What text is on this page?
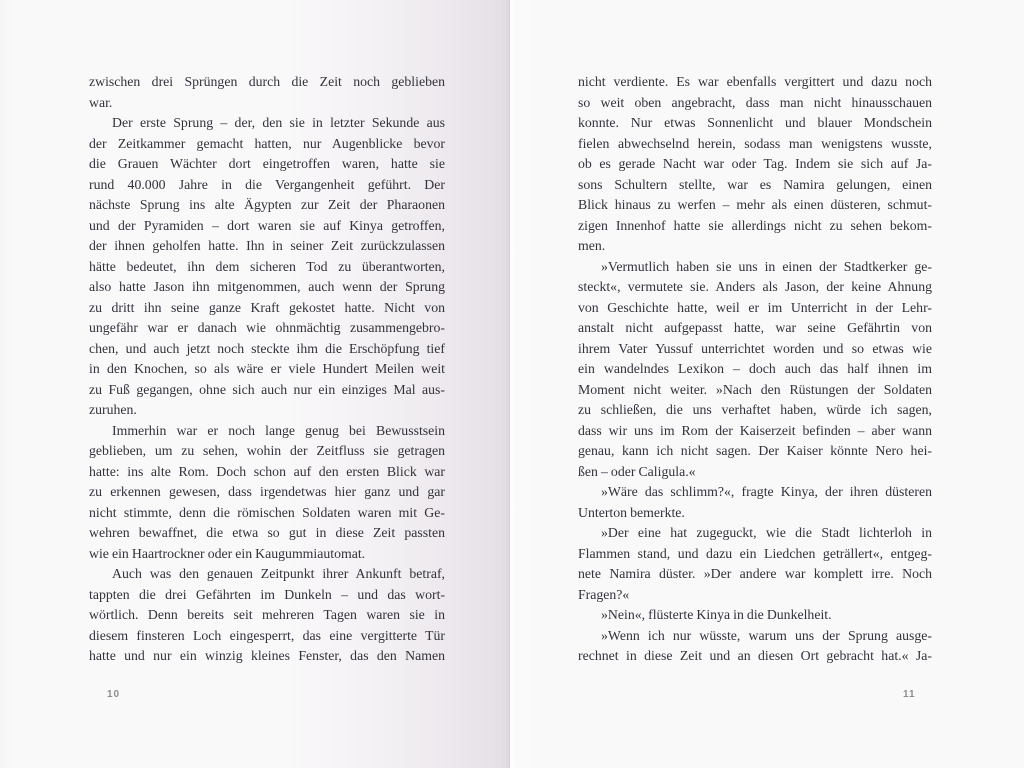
zwischen drei Sprüngen durch die Zeit noch geblieben
war.
Der erste Sprung – der, den sie in letzter Sekunde aus
der Zeitkammer gemacht hatten, nur Augenblicke bevor
die Grauen Wächter dort eingetroffen waren, hatte sie
rund 40.000 Jahre in die Vergangenheit geführt. Der
nächste Sprung ins alte Ägypten zur Zeit der Pharaonen
und der Pyramiden – dort waren sie auf Kinya getroffen,
der ihnen geholfen hatte. Ihn in seiner Zeit zurückzulassen
hätte bedeutet, ihn dem sicheren Tod zu überantworten,
also hatte Jason ihn mitgenommen, auch wenn der Sprung
zu dritt ihn seine ganze Kraft gekostet hatte. Nicht von
ungefähr war er danach wie ohnmächtig zusammengebro-
chen, und auch jetzt noch steckte ihm die Erschöpfung tief
in den Knochen, so als wäre er viele Hundert Meilen weit
zu Fuß gegangen, ohne sich auch nur ein einziges Mal aus-
zuruhen.
Immerhin war er noch lange genug bei Bewusstsein
geblieben, um zu sehen, wohin der Zeitfluss sie getragen
hatte: ins alte Rom. Doch schon auf den ersten Blick war
zu erkennen gewesen, dass irgendetwas hier ganz und gar
nicht stimmte, denn die römischen Soldaten waren mit Ge-
wehren bewaffnet, die etwa so gut in diese Zeit passten
wie ein Haartrockner oder ein Kaugummiautomat.
Auch was den genauen Zeitpunkt ihrer Ankunft betraf,
tappten die drei Gefährten im Dunkeln – und das wort-
wörtlich. Denn bereits seit mehreren Tagen waren sie in
diesem finsteren Loch eingesperrt, das eine vergitterte Tür
hatte und nur ein winzig kleines Fenster, das den Namen
10
nicht verdiente. Es war ebenfalls vergittert und dazu noch
so weit oben angebracht, dass man nicht hinausschauen
konnte. Nur etwas Sonnenlicht und blauer Mondschein
fielen abwechselnd herein, sodass man wenigstens wusste,
ob es gerade Nacht war oder Tag. Indem sie sich auf Ja-
sons Schultern stellte, war es Namira gelungen, einen
Blick hinaus zu werfen – mehr als einen düsteren, schmut-
zigen Innenhof hatte sie allerdings nicht zu sehen bekom-
men.
»Vermutlich haben sie uns in einen der Stadtkerker ge-
steckt«, vermutete sie. Anders als Jason, der keine Ahnung
von Geschichte hatte, weil er im Unterricht in der Lehr-
anstalt nicht aufgepasst hatte, war seine Gefährtin von
ihrem Vater Yussuf unterrichtet worden und so etwas wie
ein wandelndes Lexikon – doch auch das half ihnen im
Moment nicht weiter. »Nach den Rüstungen der Soldaten
zu schließen, die uns verhaftet haben, würde ich sagen,
dass wir uns im Rom der Kaiserzeit befinden – aber wann
genau, kann ich nicht sagen. Der Kaiser könnte Nero hei-
ßen – oder Caligula.«
»Wäre das schlimm?«, fragte Kinya, der ihren düsteren
Unterton bemerkte.
»Der eine hat zugeguckt, wie die Stadt lichterloh in
Flammen stand, und dazu ein Liedchen geträllert«, entgeg-
nete Namira düster. »Der andere war komplett irre. Noch
Fragen?«
»Nein«, flüsterte Kinya in die Dunkelheit.
»Wenn ich nur wüsste, warum uns der Sprung ausge-
rechnet in diese Zeit und an diesen Ort gebracht hat.« Ja-
11
